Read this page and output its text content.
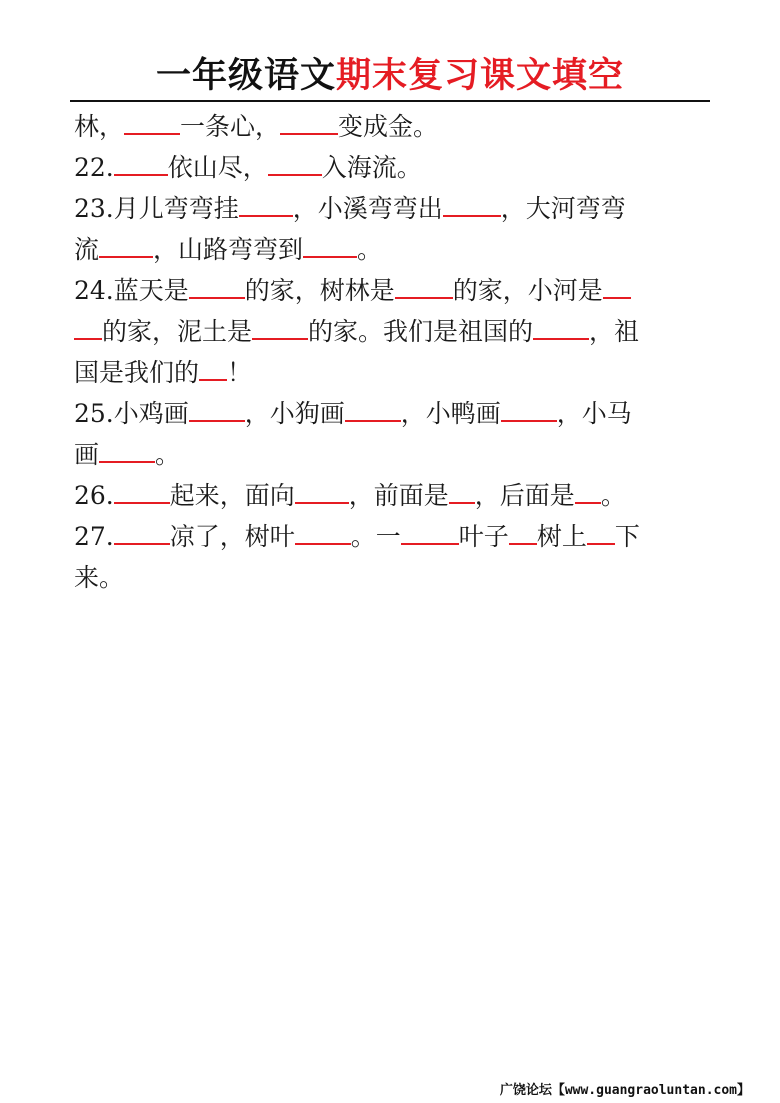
一年级语文期末复习课文填空
林， 一条心， 变成金。
22. 依山尽， 入海流。
23.月儿弯弯挂 ，小溪弯弯出 ，大河弯弯
流 ，山路弯弯到 。
24.蓝天是 的家，树林是 的家，小河是
的家，泥土是 的家。我们是祖国的 ，祖
国是我们的 ！
25.小鸡画 ，小狗画 ，小鸭画 ，小马
画 。
26. 起来，面向 ，前面是 ，后面是 。
27. 凉了，树叶 。一 叶子 树上 下
来。
广饶论坛【www.guangraoluntan.com】
